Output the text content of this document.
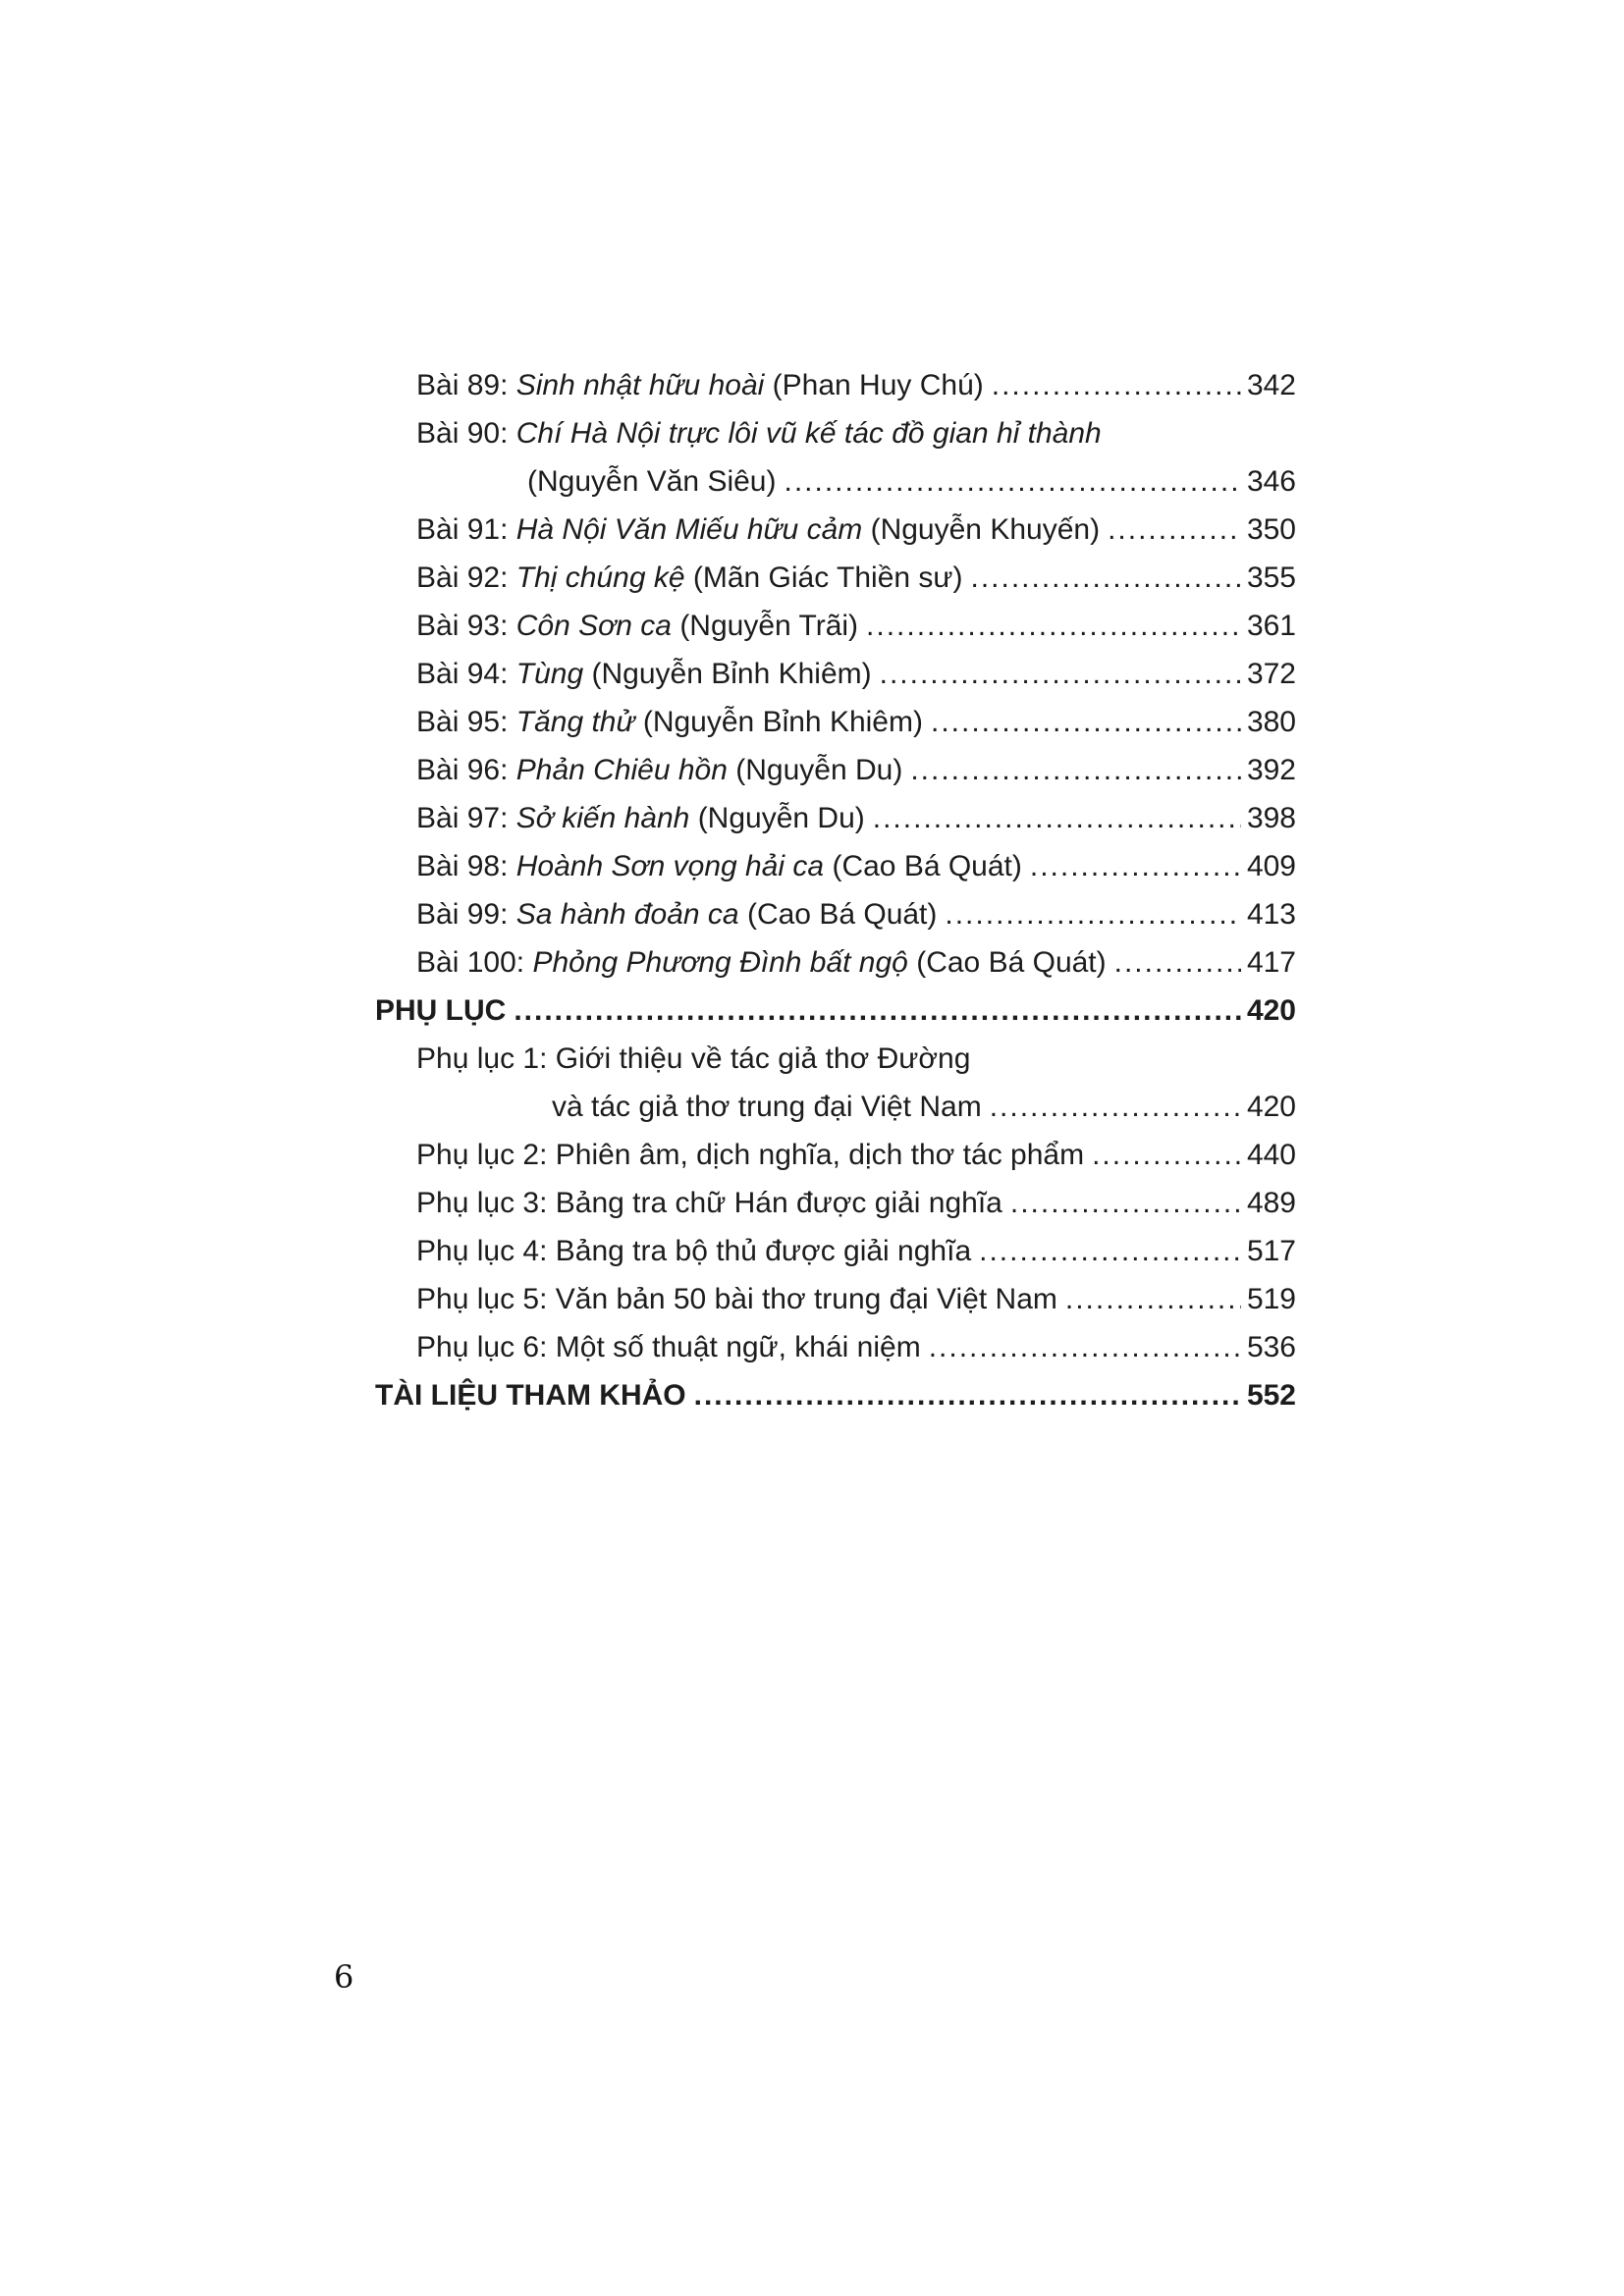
Bài 89: Sinh nhật hữu hoài (Phan Huy Chú) .....	342
Bài 90: Chí Hà Nội trực lôi vũ kế tác đồ gian hỉ thành
(Nguyễn Văn Siêu) .....	346
Bài 91: Hà Nội Văn Miếu hữu cảm (Nguyễn Khuyến) .....	350
Bài 92: Thị chúng kệ (Mãn Giác Thiền sư) .....	355
Bài 93: Côn Sơn ca (Nguyễn Trãi) .....	361
Bài 94: Tùng (Nguyễn Bỉnh Khiêm) .....	372
Bài 95: Tăng thử (Nguyễn Bỉnh Khiêm) .....	380
Bài 96: Phản Chiêu hồn (Nguyễn Du) .....	392
Bài 97: Sở kiến hành (Nguyễn Du) .....	398
Bài 98: Hoành Sơn vọng hải ca (Cao Bá Quát) .....	409
Bài 99: Sa hành đoản ca (Cao Bá Quát) .....	413
Bài 100: Phỏng Phương Đình bất ngộ (Cao Bá Quát) .....	417
PHỤ LỤC .....	420
Phụ lục 1: Giới thiệu về tác giả thơ Đường
và tác giả thơ trung đại Việt Nam .....	420
Phụ lục 2: Phiên âm, dịch nghĩa, dịch thơ tác phẩm .....	440
Phụ lục 3: Bảng tra chữ Hán được giải nghĩa .....	489
Phụ lục 4: Bảng tra bộ thủ được giải nghĩa .....	517
Phụ lục 5: Văn bản 50 bài thơ trung đại Việt Nam .....	519
Phụ lục 6: Một số thuật ngữ, khái niệm .....	536
TÀI LIỆU THAM KHẢO .....	552
6
